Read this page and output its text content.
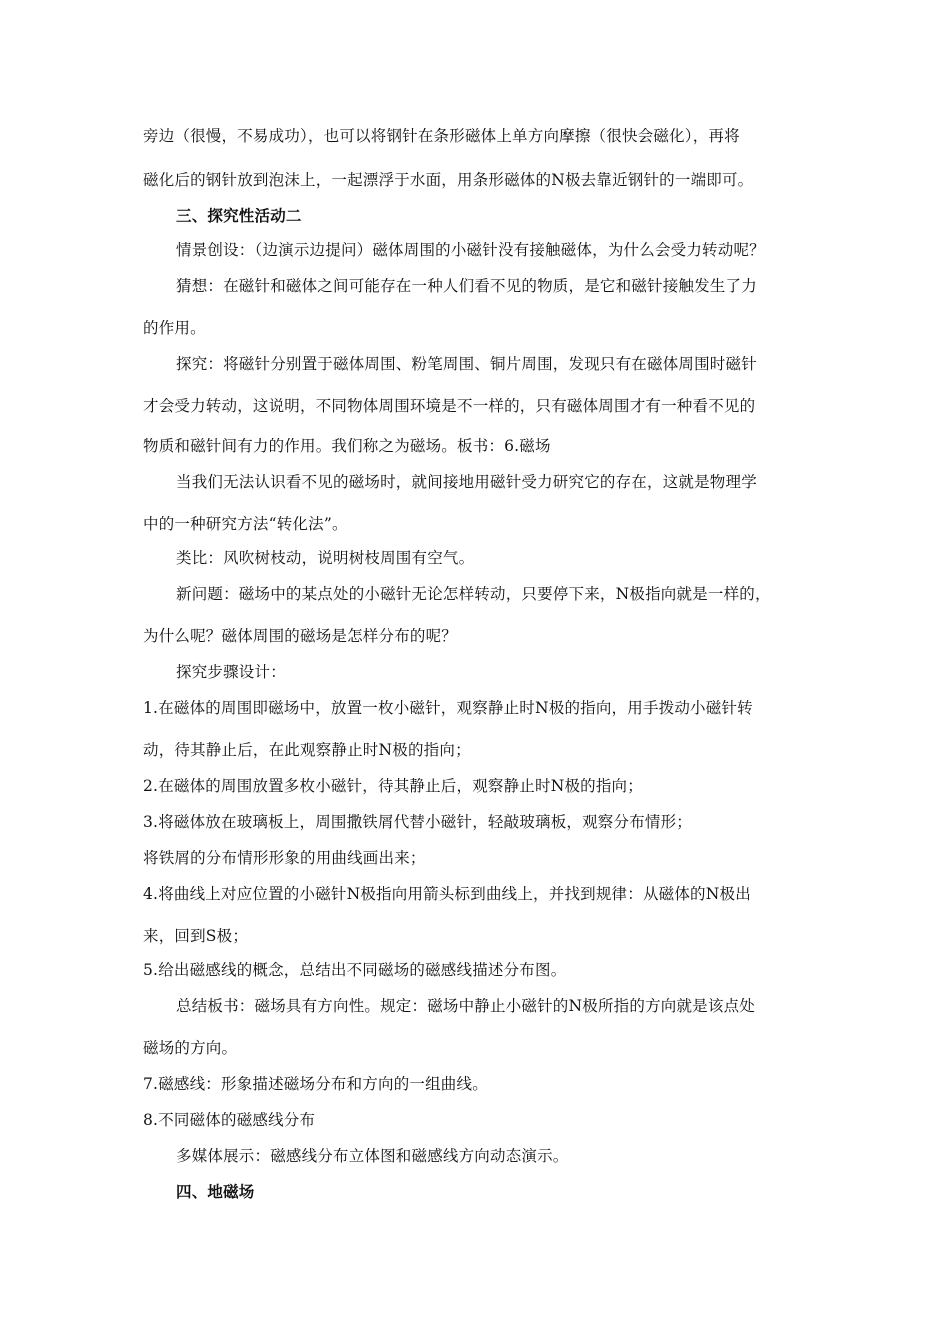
旁边（很慢，不易成功），也可以将钢针在条形磁体上单方向摩擦（很快会磁化），再将
磁化后的钢针放到泡沫上，一起漂浮于水面，用条形磁体的N极去靠近钢针的一端即可。
三、探究性活动二
情景创设：（边演示边提问）磁体周围的小磁针没有接触磁体，为什么会受力转动呢？
猜想：在磁针和磁体之间可能存在一种人们看不见的物质，是它和磁针接触发生了力
的作用。
探究：将磁针分别置于磁体周围、粉笔周围、铜片周围，发现只有在磁体周围时磁针
才会受力转动，这说明，不同物体周围环境是不一样的，只有磁体周围才有一种看不见的
物质和磁针间有力的作用。我们称之为磁场。板书：6.磁场
当我们无法认识看不见的磁场时，就间接地用磁针受力研究它的存在，这就是物理学
中的一种研究方法“转化法”。
类比：风吹树枝动，说明树枝周围有空气。
新问题：磁场中的某点处的小磁针无论怎样转动，只要停下来，N极指向就是一样的，
为什么呢？磁体周围的磁场是怎样分布的呢？
探究步骤设计：
1.在磁体的周围即磁场中，放置一枚小磁针，观察静止时N极的指向，用手拨动小磁针转
动，待其静止后，在此观察静止时N极的指向；
2.在磁体的周围放置多枚小磁针，待其静止后，观察静止时N极的指向；
3.将磁体放在玻璃板上，周围撒铁屑代替小磁针，轻敲玻璃板，观察分布情形；
将铁屑的分布情形形象的用曲线画出来；
4.将曲线上对应位置的小磁针N极指向用箭头标到曲线上，并找到规律：从磁体的N极出
来，回到S极；
5.给出磁感线的概念，总结出不同磁场的磁感线描述分布图。
总结板书：磁场具有方向性。规定：磁场中静止小磁针的N极所指的方向就是该点处
磁场的方向。
7.磁感线：形象描述磁场分布和方向的一组曲线。
8.不同磁体的磁感线分布
多媒体展示：磁感线分布立体图和磁感线方向动态演示。
四、地磁场
